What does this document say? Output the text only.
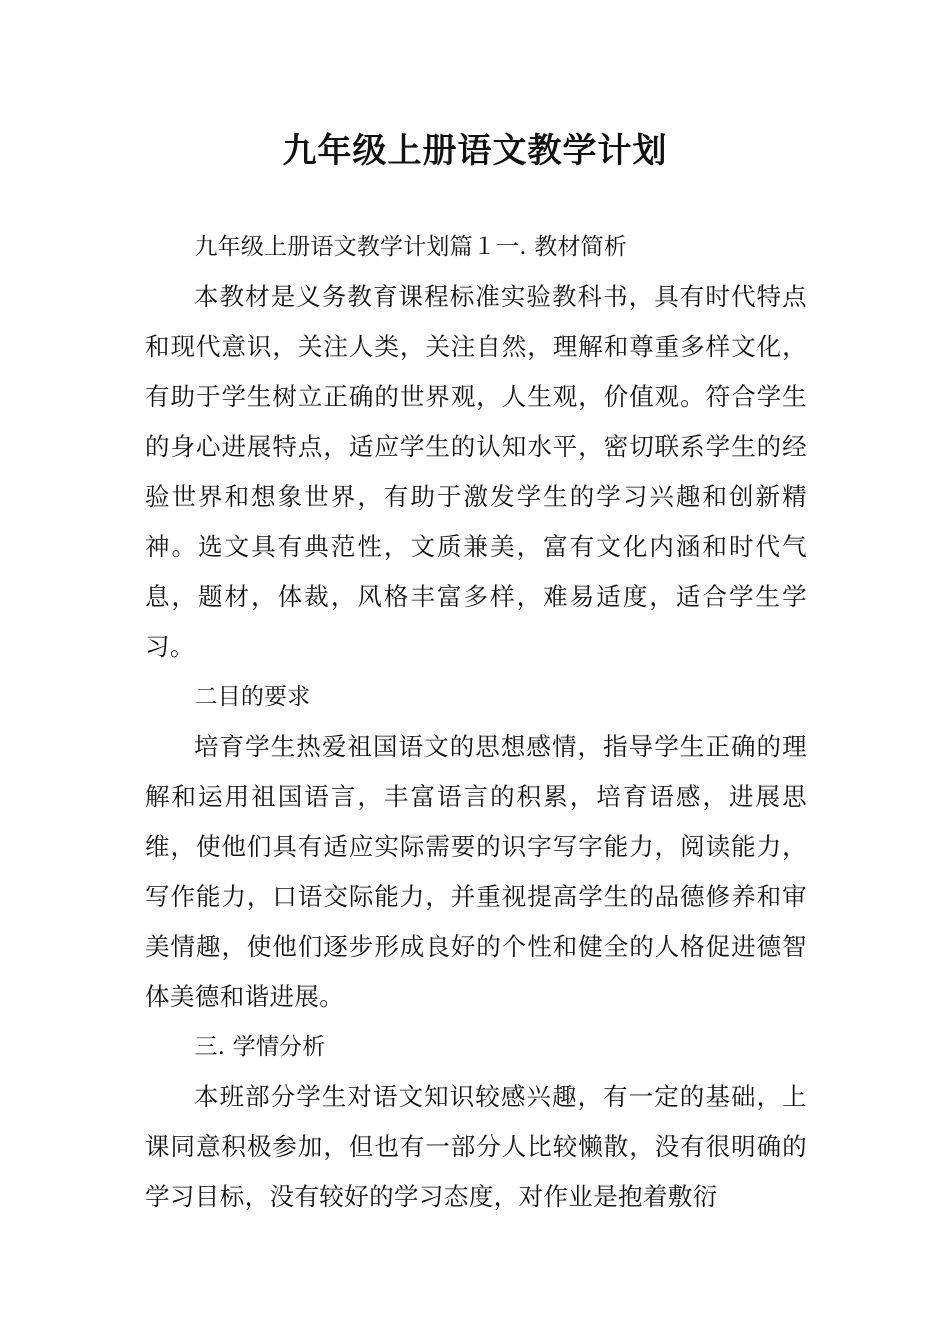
九年级上册语文教学计划

九年级上册语文教学计划篇１一. 教材简析

本教材是义务教育课程标准实验教科书，具有时代特点和现代意识，关注人类，关注自然，理解和尊重多样文化，有助于学生树立正确的世界观，人生观，价值观。符合学生的身心进展特点，适应学生的认知水平，密切联系学生的经验世界和想象世界，有助于激发学生的学习兴趣和创新精神。选文具有典范性，文质兼美，富有文化内涵和时代气息，题材，体裁，风格丰富多样，难易适度，适合学生学习。

二目的要求

培育学生热爱祖国语文的思想感情，指导学生正确的理解和运用祖国语言，丰富语言的积累，培育语感，进展思维，使他们具有适应实际需要的识字写字能力，阅读能力，写作能力，口语交际能力，并重视提高学生的品德修养和审美情趣，使他们逐步形成良好的个性和健全的人格促进德智体美德和谐进展。

三. 学情分析

本班部分学生对语文知识较感兴趣，有一定的基础，上课同意积极参加，但也有一部分人比较懒散，没有很明确的学习目标，没有较好的学习态度，对作业是抱着敷衍
